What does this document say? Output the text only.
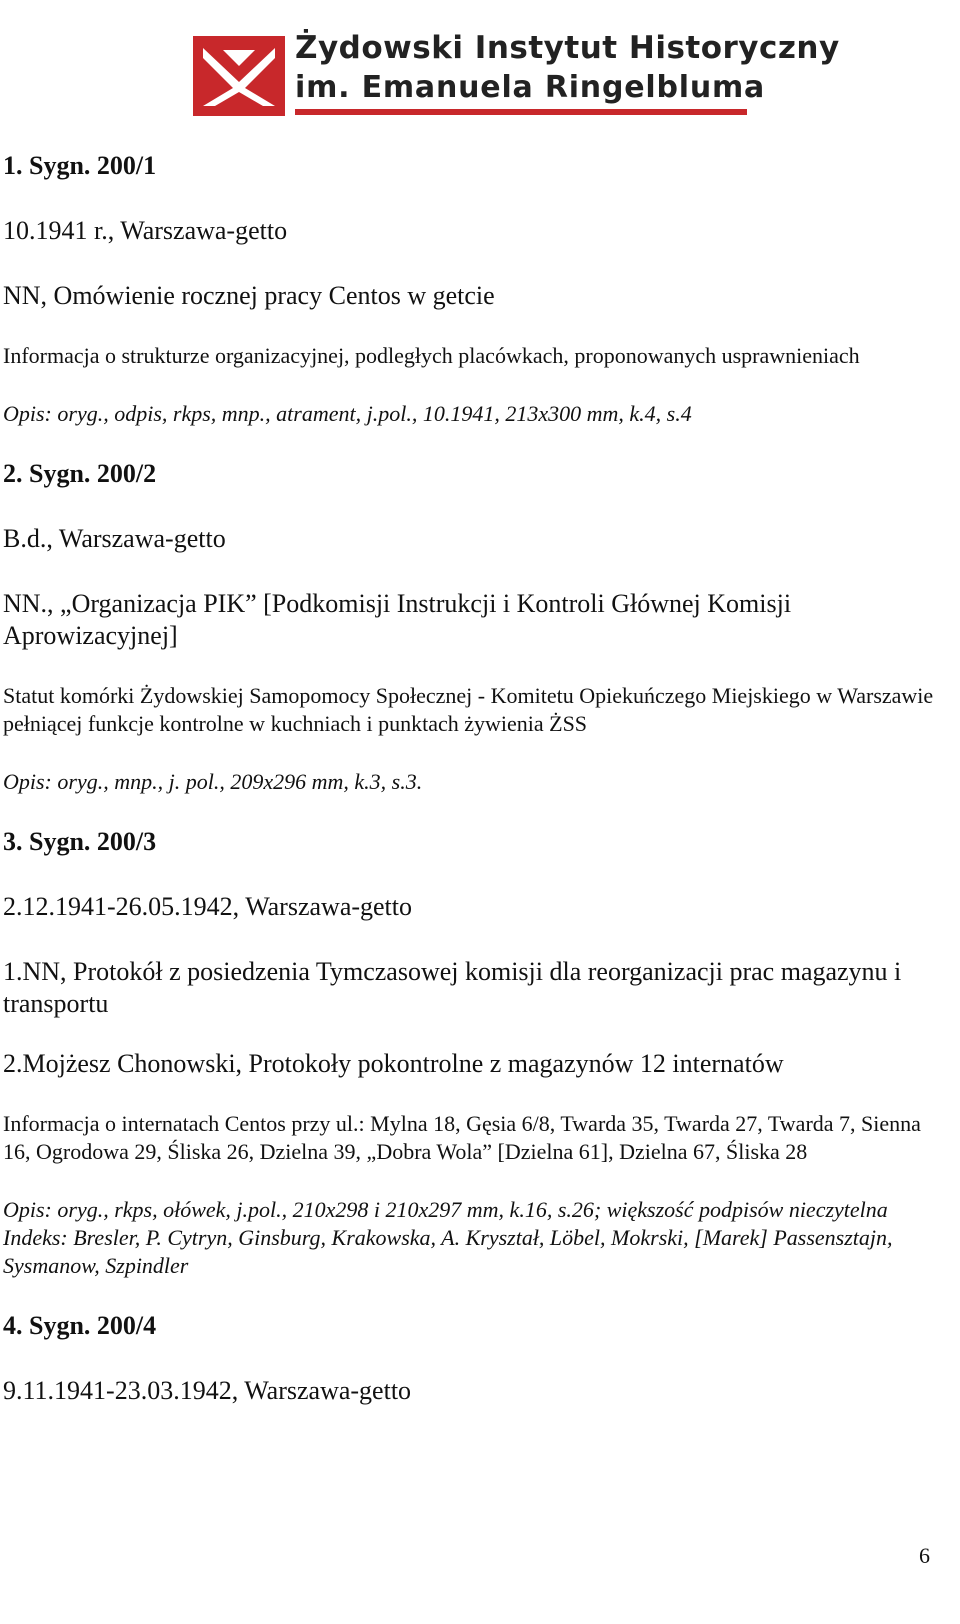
Żydowski Instytut Historyczny
im. Emanuela Ringelbluma

1. Sygn. 200/1

10.1941 r., Warszawa-getto
NN, Omówienie rocznej pracy Centos w getcie
Informacja o strukturze organizacyjnej, podległych placówkach, proponowanych usprawnieniach
Opis: oryg., odpis, rkps, mnp., atrament, j.pol., 10.1941, 213x300 mm, k.4, s.4

2. Sygn. 200/2

B.d., Warszawa-getto
NN., „Organizacja PIK” [Podkomisji Instrukcji i Kontroli Głównej Komisji Aprowizacyjnej]
Statut komórki Żydowskiej Samopomocy Społecznej - Komitetu Opiekuńczego Miejskiego w Warszawie pełniącej funkcje kontrolne w kuchniach i punktach żywienia ŻSS
Opis: oryg., mnp., j. pol., 209x296 mm, k.3, s.3.

3. Sygn. 200/3

2.12.1941-26.05.1942, Warszawa-getto
1.NN, Protokół z posiedzenia Tymczasowej komisji dla reorganizacji prac magazynu i transportu
2.Mojżesz Chonowski, Protokoły pokontrolne z magazynów 12 internatów
Informacja o internatach Centos przy ul.: Mylna 18, Gęsia 6/8, Twarda 35, Twarda 27, Twarda 7, Sienna 16, Ogrodowa 29, Śliska 26, Dzielna 39, „Dobra Wola” [Dzielna 61], Dzielna 67, Śliska 28
Opis: oryg., rkps, ołówek, j.pol., 210x298 i 210x297 mm, k.16, s.26; większość podpisów nieczytelna
Indeks: Bresler, P. Cytryn, Ginsburg, Krakowska, A. Kryształ, Löbel, Mokrski, [Marek] Passensztajn, Sysmanow, Szpindler

4. Sygn. 200/4

9.11.1941-23.03.1942, Warszawa-getto
6
